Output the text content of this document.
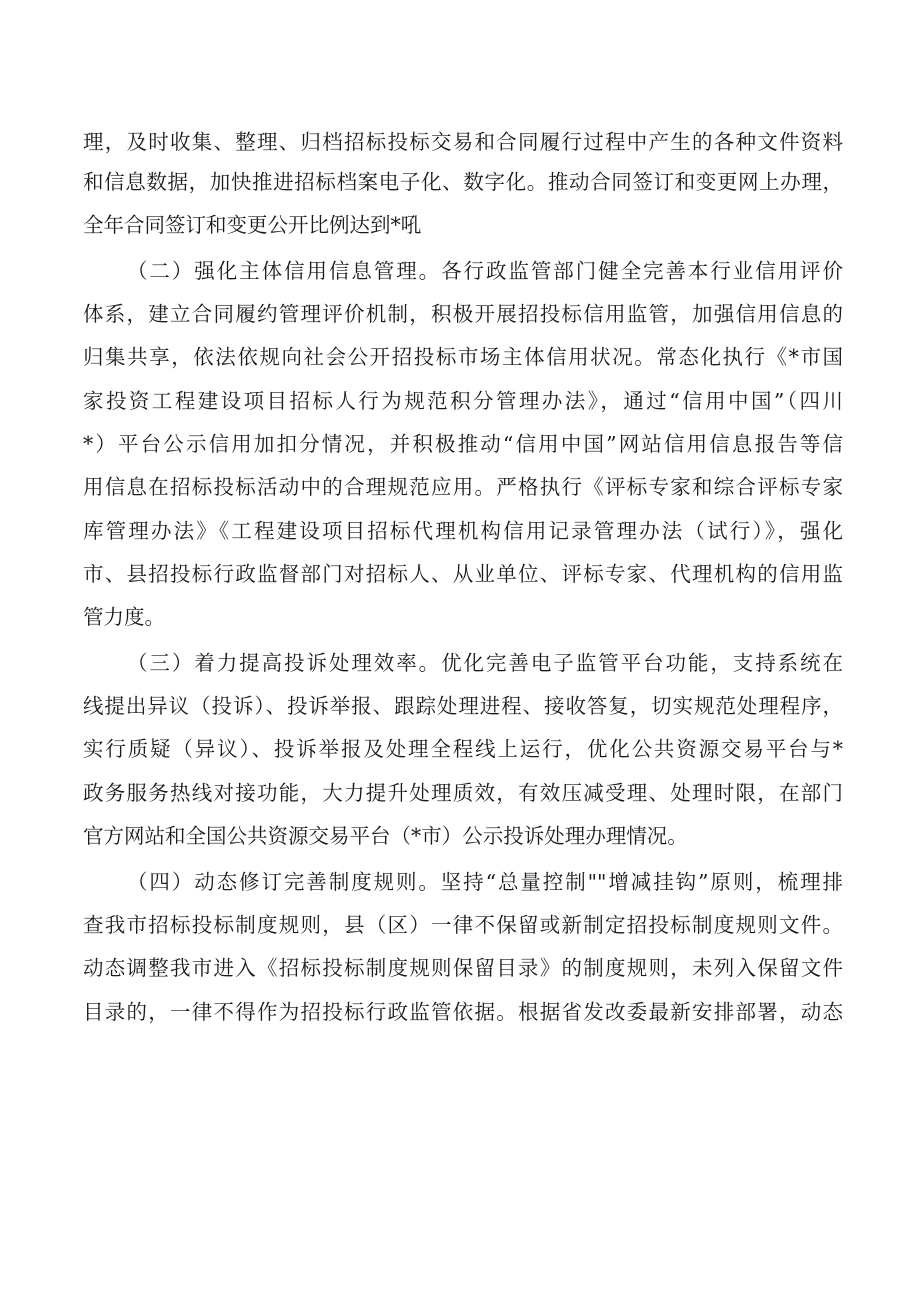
理，及时收集、整理、归档招标投标交易和合同履行过程中产生的各种文件资料
和信息数据，加快推进招标档案电子化、数字化。推动合同签订和变更网上办理，
全年合同签订和变更公开比例达到*吼
（二）强化主体信用信息管理。各行政监管部门健全完善本行业信用评价
体系，建立合同履约管理评价机制，积极开展招投标信用监管，加强信用信息的
归集共享，依法依规向社会公开招投标市场主体信用状况。常态化执行《*市国
家投资工程建设项目招标人行为规范积分管理办法》，通过“信用中国”（四川
*）平台公示信用加扣分情况，并积极推动“信用中国”网站信用信息报告等信
用信息在招标投标活动中的合理规范应用。严格执行《评标专家和综合评标专家
库管理办法》《工程建设项目招标代理机构信用记录管理办法（试行）》，强化
市、县招投标行政监督部门对招标人、从业单位、评标专家、代理机构的信用监
管力度。
（三）着力提高投诉处理效率。优化完善电子监管平台功能，支持系统在
线提出异议（投诉）、投诉举报、跟踪处理进程、接收答复，切实规范处理程序，
实行质疑（异议）、投诉举报及处理全程线上运行，优化公共资源交易平台与*
政务服务热线对接功能，大力提升处理质效，有效压减受理、处理时限，在部门
官方网站和全国公共资源交易平台（*市）公示投诉处理办理情况。
（四）动态修订完善制度规则。坚持“总量控制""增减挂钩”原则，梳理排
查我市招标投标制度规则，县（区）一律不保留或新制定招投标制度规则文件。
动态调整我市进入《招标投标制度规则保留目录》的制度规则，未列入保留文件
目录的，一律不得作为招投标行政监管依据。根据省发改委最新安排部署，动态
